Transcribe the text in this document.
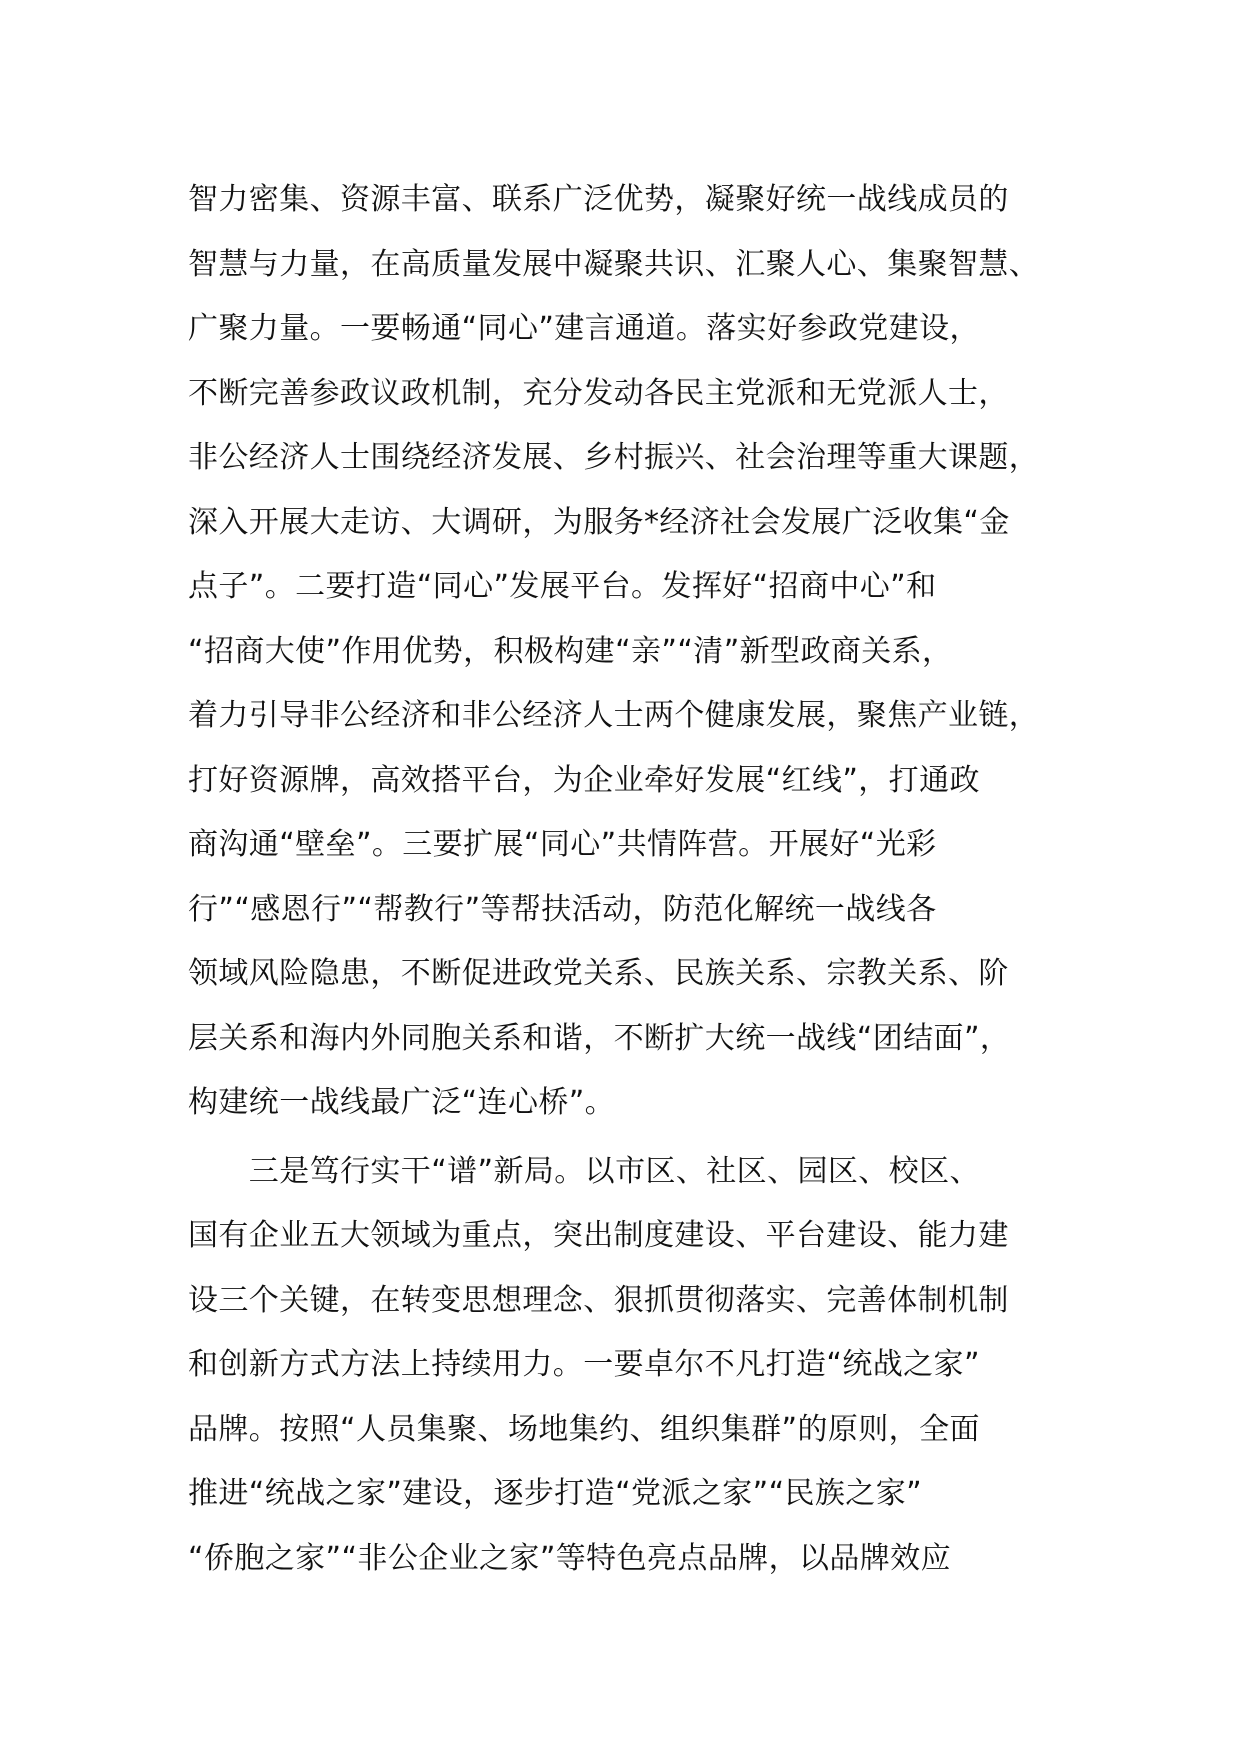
智力密集、资源丰富、联系广泛优势，凝聚好统一战线成员的
智慧与力量，在高质量发展中凝聚共识、汇聚人心、集聚智慧、
广聚力量。一要畅通“同心”建言通道。落实好参政党建设，
不断完善参政议政机制，充分发动各民主党派和无党派人士，
非公经济人士围绕经济发展、乡村振兴、社会治理等重大课题，
深入开展大走访、大调研，为服务*经济社会发展广泛收集“金
点子”。二要打造“同心”发展平台。发挥好“招商中心”和
“招商大使”作用优势，积极构建“亲”“清”新型政商关系，
着力引导非公经济和非公经济人士两个健康发展，聚焦产业链，
打好资源牌，高效搭平台，为企业牵好发展“红线”，打通政
商沟通“壁垒”。三要扩展“同心”共情阵营。开展好“光彩
行”“感恩行”“帮教行”等帮扶活动，防范化解统一战线各
领域风险隐患，不断促进政党关系、民族关系、宗教关系、阶
层关系和海内外同胞关系和谐，不断扩大统一战线“团结面”，
构建统一战线最广泛“连心桥”。
　　三是笃行实干“谱”新局。以市区、社区、园区、校区、
国有企业五大领域为重点，突出制度建设、平台建设、能力建
设三个关键，在转变思想理念、狠抓贯彻落实、完善体制机制
和创新方式方法上持续用力。一要卓尔不凡打造“统战之家”
品牌。按照“人员集聚、场地集约、组织集群”的原则，全面
推进“统战之家”建设，逐步打造“党派之家”“民族之家”
“侨胞之家”“非公企业之家”等特色亮点品牌，以品牌效应
